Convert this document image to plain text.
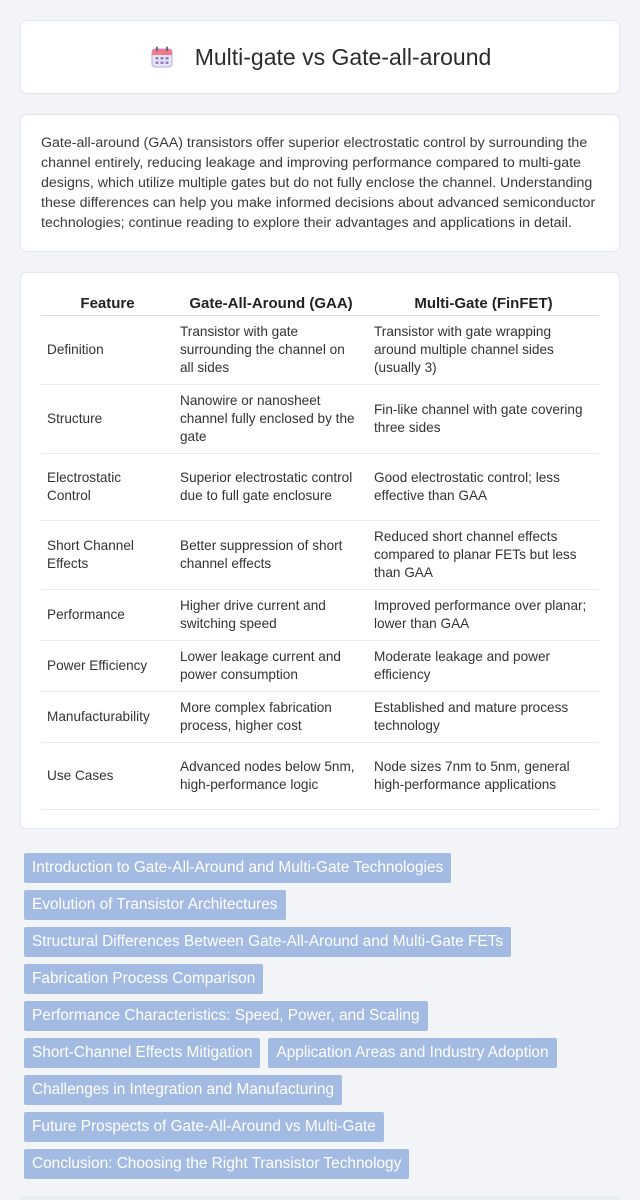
Multi-gate vs Gate-all-around

Gate-all-around (GAA) transistors offer superior electrostatic control by surrounding the channel entirely, reducing leakage and improving performance compared to multi-gate designs, which utilize multiple gates but do not fully enclose the channel. Understanding these differences can help you make informed decisions about advanced semiconductor technologies; continue reading to explore their advantages and applications in detail.

Feature	Gate-All-Around (GAA)	Multi-Gate (FinFET)
Definition	Transistor with gate surrounding the channel on all sides	Transistor with gate wrapping around multiple channel sides (usually 3)
Structure	Nanowire or nanosheet channel fully enclosed by the gate	Fin-like channel with gate covering three sides
Electrostatic Control	Superior electrostatic control due to full gate enclosure	Good electrostatic control; less effective than GAA
Short Channel Effects	Better suppression of short channel effects	Reduced short channel effects compared to planar FETs but less than GAA
Performance	Higher drive current and switching speed	Improved performance over planar; lower than GAA
Power Efficiency	Lower leakage current and power consumption	Moderate leakage and power efficiency
Manufacturability	More complex fabrication process, higher cost	Established and mature process technology
Use Cases	Advanced nodes below 5nm, high-performance logic	Node sizes 7nm to 5nm, general high-performance applications
Introduction to Gate-All-Around and Multi-Gate Technologies
Evolution of Transistor Architectures
Structural Differences Between Gate-All-Around and Multi-Gate FETs
Fabrication Process Comparison
Performance Characteristics: Speed, Power, and Scaling
Short-Channel Effects Mitigation	Application Areas and Industry Adoption
Challenges in Integration and Manufacturing
Future Prospects of Gate-All-Around vs Multi-Gate
Conclusion: Choosing the Right Transistor Technology
